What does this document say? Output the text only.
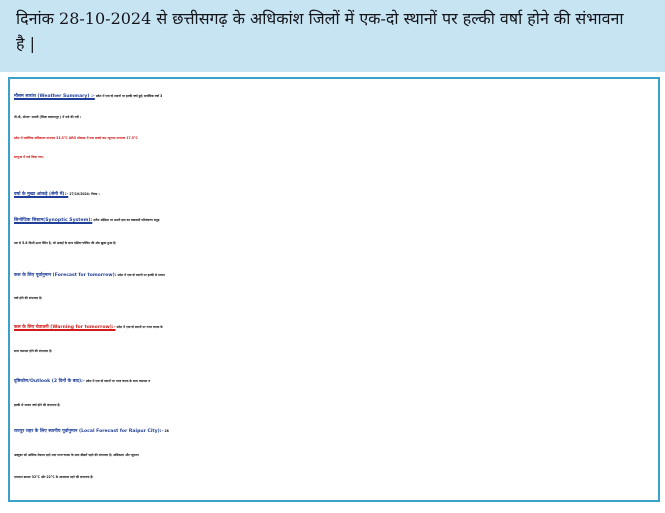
दिनांक 28-10-2024 से छत्तीसगढ़ के अधिकांश जिलों में एक-दो स्थानों पर हल्की वर्षा होने की संभावना
है |
मौसम सारांश (Weather Summary) :- प्रदेश में एक-दो स्थानों पर हल्की वर्षा हुई। सर्वाधिक वर्षा 3
मी.मी, स्टेशन- सामरी (जिला बलरामपुर ) में दर्ज की गयी ।
प्रदेश में सर्वाधिक अधिकतम तापमान 33.3°C ARG दंतेवाडा में तथा सबसे कम न्यूनतम तापमान 17.5°C
सरगुजा में दर्ज किया गया।
वर्षा के मुख्य आंकड़े (सेमी में):- 27/10/2024: निरंक ।
सिनोप्टिक सिस्टम(Synoptic System): तटीय ओडिशा पर ऊपरी हवा का चक्रवाती परिसंचरण समुद्र
तल से 5.8 किमी ऊपर स्थित है, जो ऊंचाई के साथ दक्षिण-पश्चिम की ओर झुका हुआ है।
कल के लिए पूर्वानुमान (Forecast for tomorrow): प्रदेश में एक-दो स्थानों पर हल्की से मध्यम
वर्षा होने की संभावना है।
कल के लिए चेतावनी (Warning for tomorrow):- प्रदेश में एक-दो स्थानों पर गरज चमक के
साथ वज्रपात होने की संभावना है।
दृष्टिकोण/Outlook (2 दिनों के बाद):- प्रदेश में एक-दो स्थानों पर गरज चमक के साथ वज्रपात व
हल्की से मध्यम वर्षा होने की संभावना है।
रायपुर शहर के लिए स्थानीय पूर्वानुमान (Local Forecast for Raipur City):- 28
अक्टूबर को आंशिक मेघमय रहने तथा गरज-चमक के साथ बौछारें पड़ने की संभावना है। अधिकतम और न्यूनतम
तापमान क्रमशः 32°C और 22°C के आसपास रहने की संभावना है।
